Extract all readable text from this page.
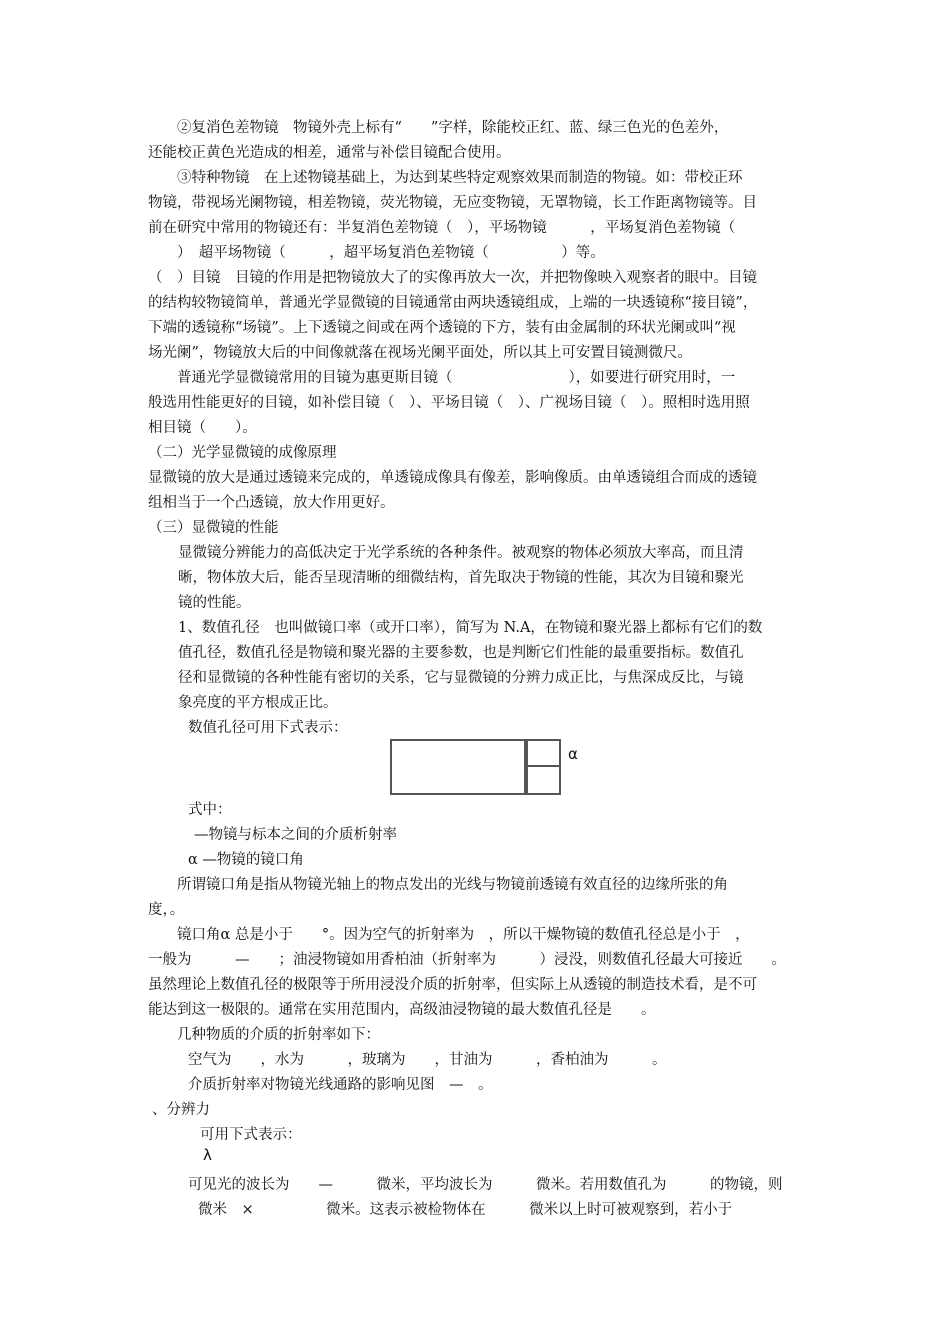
α
λ
　　②复消色差物镜　物镜外壳上标有“　　”字样，除能校正红、蓝、绿三色光的色差外，
还能校正黄色光造成的相差，通常与补偿目镜配合使用。
　　③特种物镜　在上述物镜基础上，为达到某些特定观察效果而制造的物镜。如：带校正环
物镜，带视场光阑物镜，相差物镜，荧光物镜，无应变物镜，无罩物镜，长工作距离物镜等。目
前在研究中常用的物镜还有：半复消色差物镜（　），平场物镜　　　，平场复消色差物镜（
　　）　超平场物镜（　　　，超平场复消色差物镜（　　　　　）等。
（　）目镜　目镜的作用是把物镜放大了的实像再放大一次，并把物像映入观察者的眼中。目镜
的结构较物镜简单，普通光学显微镜的目镜通常由两块透镜组成，上端的一块透镜称“接目镜”，
下端的透镜称“场镜”。上下透镜之间或在两个透镜的下方，装有由金属制的环状光阑或叫“视
场光阑”，物镜放大后的中间像就落在视场光阑平面处，所以其上可安置目镜测微尺。
　　普通光学显微镜常用的目镜为惠更斯目镜（　　　　　　　　），如要进行研究用时，一
般选用性能更好的目镜，如补偿目镜（　）、平场目镜（　）、广视场目镜（　）。照相时选用照
相目镜（　　）。
（二）光学显微镜的成像原理
显微镜的放大是通过透镜来完成的，单透镜成像具有像差，影响像质。由单透镜组合而成的透镜
组相当于一个凸透镜，放大作用更好。
（三）显微镜的性能
显微镜分辨能力的高低决定于光学系统的各种条件。被观察的物体必须放大率高，而且清
晰，物体放大后，能否呈现清晰的细微结构，首先取决于物镜的性能，其次为目镜和聚光
镜的性能。
1、数值孔径　也叫做镜口率（或开口率），简写为 N.A，在物镜和聚光器上都标有它们的数
值孔径，数值孔径是物镜和聚光器的主要参数，也是判断它们性能的最重要指标。数值孔
径和显微镜的各种性能有密切的关系，它与显微镜的分辨力成正比，与焦深成反比，与镜
象亮度的平方根成正比。
数值孔径可用下式表示：
式中：
—物镜与标本之间的介质析射率
α —物镜的镜口角
　　所谓镜口角是指从物镜光轴上的物点发出的光线与物镜前透镜有效直径的边缘所张的角
度，。
　　镜口角α 总是小于　　°。因为空气的折射率为　，所以干燥物镜的数值孔径总是小于　，
一般为　　　—　　；油浸物镜如用香柏油（折射率为　　　）浸没，则数值孔径最大可接近　　。
虽然理论上数值孔径的极限等于所用浸没介质的折射率，但实际上从透镜的制造技术看，是不可
能达到这一极限的。通常在实用范围内，高级油浸物镜的最大数值孔径是　　。
　　几种物质的介质的折射率如下：
空气为　　，水为　　　，玻璃为　　，甘油为　　　，香柏油为　　　。
介质折射率对物镜光线通路的影响见图　—　。
、分辨力
可用下式表示：
可见光的波长为　　—　　　微米，平均波长为　　　微米。若用数值孔为　　　的物镜，则
微米　×　　　　　微米。这表示被检物体在　　　微米以上时可被观察到，若小于
